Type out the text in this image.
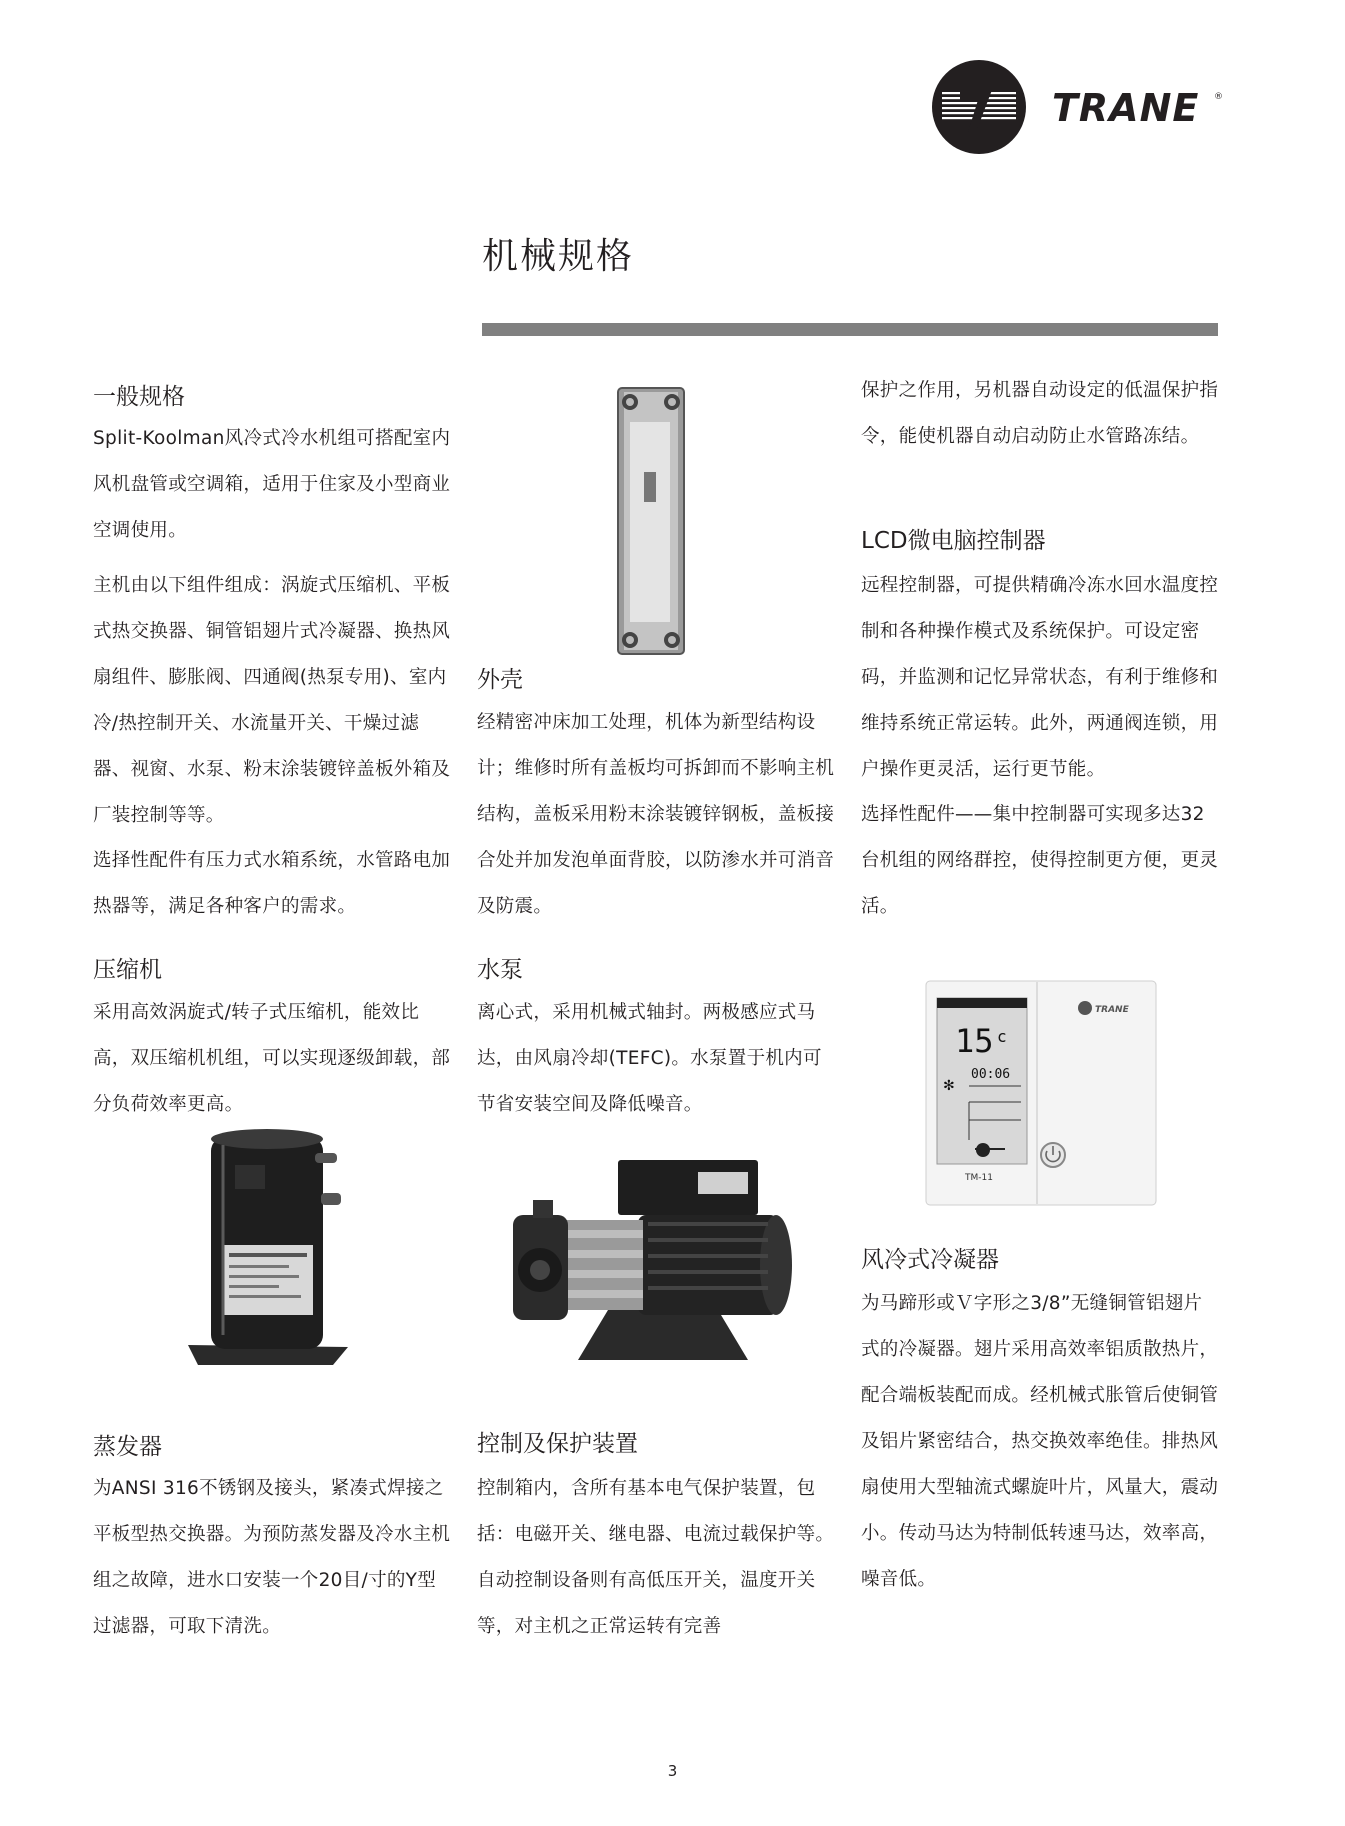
TRANE ®
机械规格
一般规格

Split-Koolman风冷式冷水机组可搭配室内风机盘管或空调箱，适用于住家及小型商业空调使用。

主机由以下组件组成：涡旋式压缩机、平板式热交换器、铜管铝翅片式冷凝器、换热风扇组件、膨胀阀、四通阀(热泵专用)、室内冷/热控制开关、水流量开关、干燥过滤器、视窗、水泵、粉末涂装镀锌盖板外箱及厂装控制等等。

选择性配件有压力式水箱系统，水管路电加热器等，满足各种客户的需求。

压缩机

采用高效涡旋式/转子式压缩机，能效比高，双压缩机机组，可以实现逐级卸载，部分负荷效率更高。

蒸发器

为ANSI 316不锈钢及接头，紧凑式焊接之平板型热交换器。为预防蒸发器及冷水主机组之故障，进水口安装一个20目/寸的Y型过滤器，可取下清洗。

外壳

经精密冲床加工处理，机体为新型结构设计；维修时所有盖板均可拆卸而不影响主机结构，盖板采用粉末涂装镀锌钢板，盖板接合处并加发泡单面背胶，以防渗水并可消音及防震。

水泵

离心式，采用机械式轴封。两极感应式马达，由风扇冷却(TEFC)。水泵置于机内可节省安装空间及降低噪音。

控制及保护装置

控制箱内，含所有基本电气保护装置，包括：电磁开关、继电器、电流过载保护等。自动控制设备则有高低压开关，温度开关等，对主机之正常运转有完善

保护之作用，另机器自动设定的低温保护指令，能使机器自动启动防止水管路冻结。

LCD微电脑控制器

远程控制器，可提供精确冷冻水回水温度控制和各种操作模式及系统保护。可设定密码，并监测和记忆异常状态，有利于维修和维持系统正常运转。此外，两通阀连锁，用户操作更灵活，运行更节能。

选择性配件——集中控制器可实现多达32台机组的网络群控，使得控制更方便，更灵活。

15 c
00:06
✻
TM-11
TRANE
风冷式冷凝器

为马蹄形或Ｖ字形之3/8”无缝铜管铝翅片式的冷凝器。翅片采用高效率铝质散热片，配合端板装配而成。经机械式胀管后使铜管及铝片紧密结合，热交换效率绝佳。排热风扇使用大型轴流式螺旋叶片，风量大，震动小。传动马达为特制低转速马达，效率高，噪音低。

3
